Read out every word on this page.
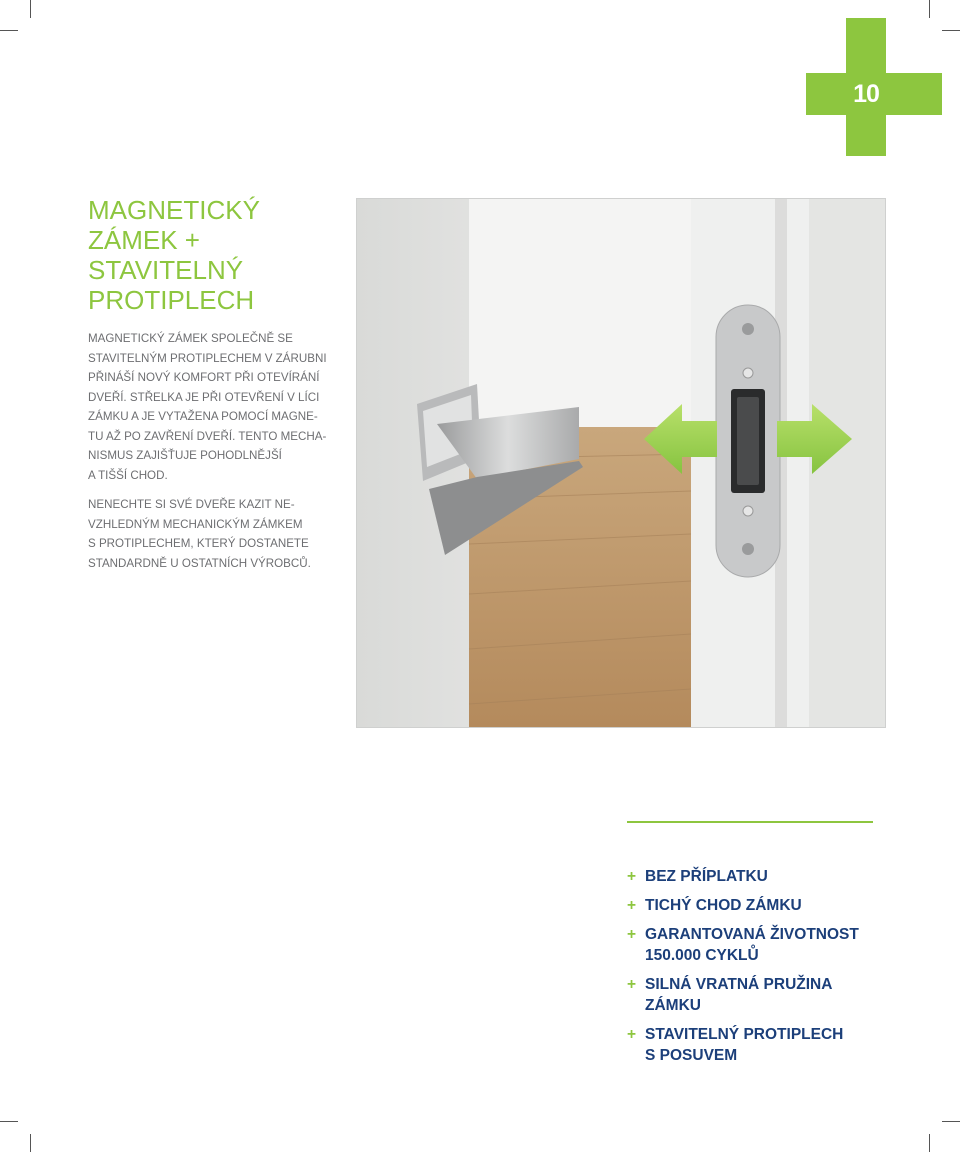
10
MAGNETICKÝ
ZÁMEK +
STAVITELNÝ
PROTIPLECH
MAGNETICKÝ ZÁMEK SPOLEČNĚ SE
STAVITELNÝM PROTIPLECHEM V ZÁRUBNI
PŘINÁŠÍ NOVÝ KOMFORT PŘI OTEVÍRÁNÍ
DVEŘÍ. STŘELKA JE PŘI OTEVŘENÍ V LÍCI
ZÁMKU A JE VYTAŽENA POMOCÍ MAGNE-
TU AŽ PO ZAVŘENÍ DVEŘÍ. TENTO MECHA-
NISMUS ZAJIŠŤUJE POHODLNĚJŠÍ
A TIŠŠÍ CHOD.
NENECHTE SI SVÉ DVEŘE KAZIT NE-
VZHLEDNÝM MECHANICKÝM ZÁMKEM
S PROTIPLECHEM, KTERÝ DOSTANETE
STANDARDNĚ U OSTATNÍCH VÝROBCŮ.
+ BEZ PŘÍPLATKU
+ TICHÝ CHOD ZÁMKU
+ GARANTOVANÁ ŽIVOTNOST
150.000 CYKLŮ
+ SILNÁ VRATNÁ PRUŽINA
ZÁMKU
+ STAVITELNÝ PROTIPLECH
S POSUVEM
